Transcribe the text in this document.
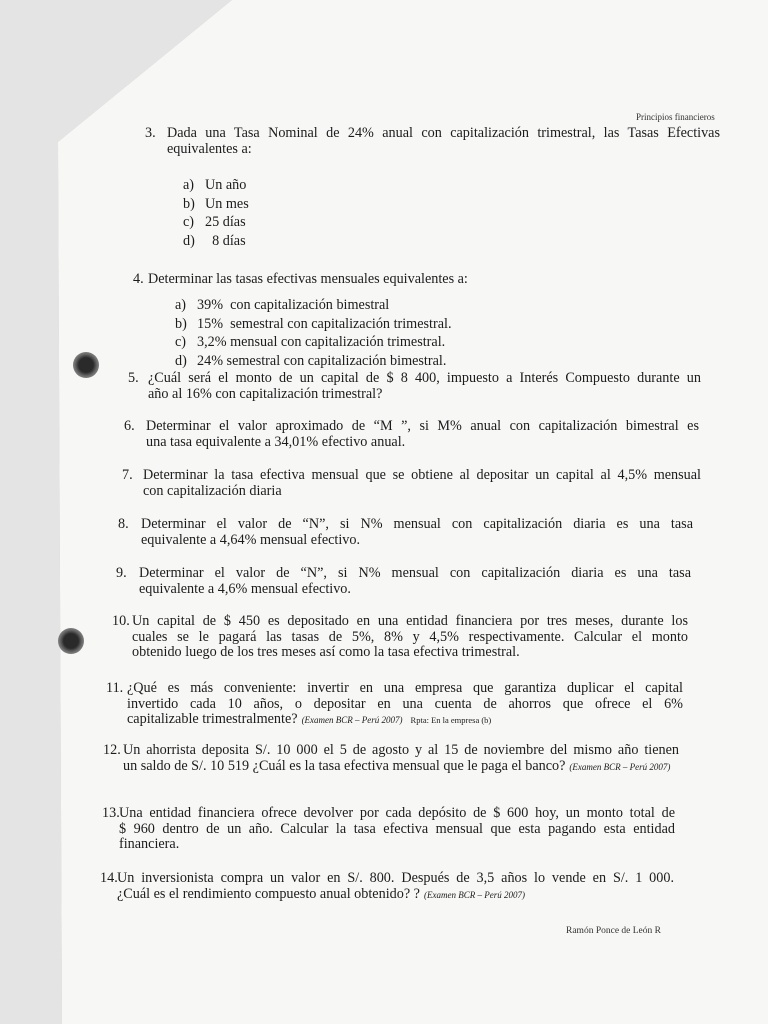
Principios financieros
Ramón Ponce de León R
3. Dada una Tasa Nominal de 24% anual con capitalización trimestral, las Tasas Efectivas
equivalentes a:
a) Un año
b) Un mes
c) 25 días
d)  8 días
4. Determinar las tasas efectivas mensuales equivalentes a:
a) 39%  con capitalización bimestral
b) 15%  semestral con capitalización trimestral.
c) 3,2% mensual con capitalización trimestral.
d) 24% semestral con capitalización bimestral.
5. ¿Cuál será el monto de un capital de $ 8 400, impuesto a Interés Compuesto durante un
año al 16% con capitalización trimestral?
6. Determinar el valor aproximado de “M ”, si M% anual con capitalización bimestral es
una tasa equivalente a 34,01% efectivo anual.
7. Determinar la tasa efectiva mensual que se obtiene al depositar un capital al 4,5% mensual
con capitalización diaria
8. Determinar el valor de “N”, si N% mensual con capitalización diaria es una tasa
equivalente a 4,64% mensual efectivo.
9. Determinar el valor de “N”, si N% mensual con capitalización diaria es una tasa
equivalente a 4,6% mensual efectivo.
10. Un capital de $ 450 es depositado en una entidad financiera por tres meses, durante los
cuales se le pagará las tasas de 5%, 8% y 4,5% respectivamente. Calcular el monto
obtenido luego de los tres meses así como la tasa efectiva trimestral.
11. ¿Qué es más conveniente: invertir en una empresa que garantiza duplicar el capital
invertido cada 10 años, o depositar en una cuenta de ahorros que ofrece el 6%
capitalizable trimestralmente? (Examen BCR – Perú 2007) Rpta: En la empresa (b)
12. Un ahorrista deposita S/. 10 000 el 5 de agosto y al 15 de noviembre del mismo año tienen
un saldo de S/. 10 519 ¿Cuál es la tasa efectiva mensual que le paga el banco? (Examen BCR – Perú 2007)
13. Una entidad financiera ofrece devolver por cada depósito de $ 600 hoy, un monto total de
$ 960 dentro de un año. Calcular la tasa efectiva mensual que esta pagando esta entidad
financiera.
14. Un inversionista compra un valor en S/. 800. Después de 3,5 años lo vende en S/. 1 000.
¿Cuál es el rendimiento compuesto anual obtenido? ? (Examen BCR – Perú 2007)
